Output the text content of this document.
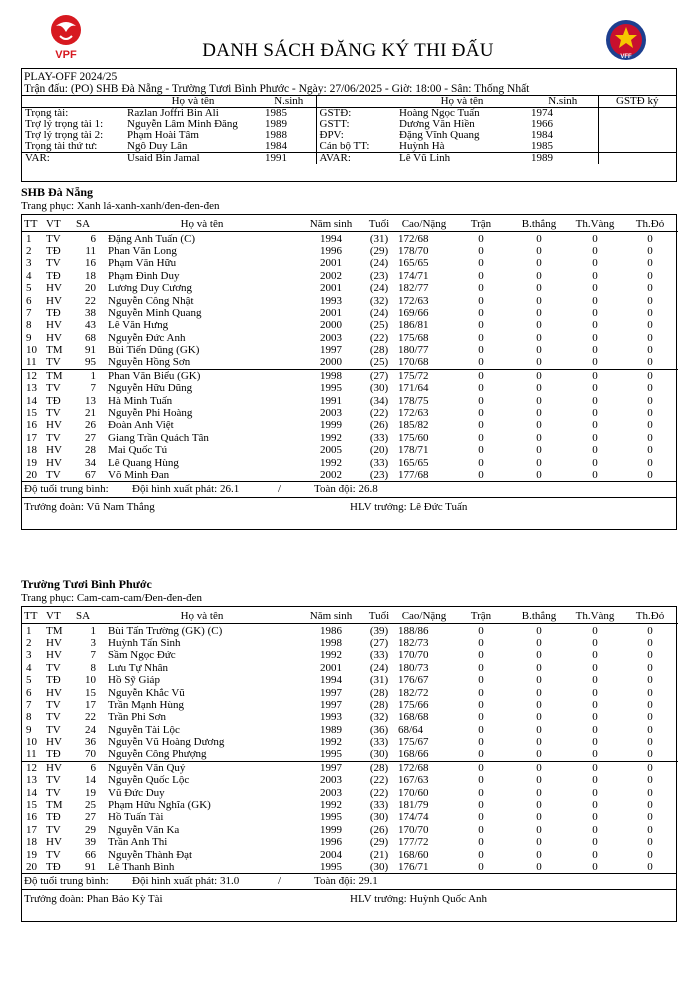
VPF	VFF
DANH SÁCH ĐĂNG KÝ THI ĐẤU
PLAY-OFF 2024/25
Trận đấu: (PO) SHB Đà Nẵng - Trường Tươi Bình Phước - Ngày: 27/06/2025 - Giờ: 18:00 - Sân: Thống Nhất
	Họ và tên	N.sinh		Họ và tên	N.sinh	GSTĐ ký
Trọng tài:	Razlan Joffri Bin Ali	1985	GSTĐ:	Hoàng Ngọc Tuấn	1974	
Trợ lý trọng tài 1:	Nguyễn Lâm Minh Đăng	1989	GSTT:	Dương Văn Hiền	1966	
Trợ lý trọng tài 2:	Phạm Hoài Tâm	1988	ĐPV:	Đặng Vĩnh Quang	1984	
Trọng tài thứ tư:	Ngô Duy Lân	1984	Cán bộ TT:	Huỳnh Hà	1985	
VAR:	Usaid Bin Jamal	1991	AVAR:	Lê Vũ Linh	1989	
SHB Đà Nẵng
Trang phục: Xanh lá-xanh-xanh/đen-đen-đen
TT	VT	SA	Họ và tên	Năm sinh	Tuổi	Cao/Nặng	Trận	B.thắng	Th.Vàng	Th.Đỏ
1	TV	6	Đặng Anh Tuấn (C)	1994	(31)	172/68	0	0	0	0
2	TĐ	11	Phan Văn Long	1996	(29)	178/70	0	0	0	0
3	TV	16	Phạm Văn Hữu	2001	(24)	165/65	0	0	0	0
4	TĐ	18	Phạm Đình Duy	2002	(23)	174/71	0	0	0	0
5	HV	20	Lương Duy Cương	2001	(24)	182/77	0	0	0	0
6	HV	22	Nguyễn Công Nhật	1993	(32)	172/63	0	0	0	0
7	TĐ	38	Nguyễn Minh Quang	2001	(24)	169/66	0	0	0	0
8	HV	43	Lê Văn Hưng	2000	(25)	186/81	0	0	0	0
9	HV	68	Nguyễn Đức Anh	2003	(22)	175/68	0	0	0	0
10	TM	91	Bùi Tiến Dũng (GK)	1997	(28)	180/77	0	0	0	0
11	TV	95	Nguyễn Hồng Sơn	2000	(25)	170/68	0	0	0	0
12	TM	1	Phan Văn Biểu (GK)	1998	(27)	175/72	0	0	0	0
13	TV	7	Nguyễn Hữu Dũng	1995	(30)	171/64	0	0	0	0
14	TĐ	13	Hà Minh Tuấn	1991	(34)	178/75	0	0	0	0
15	TV	21	Nguyễn Phi Hoàng	2003	(22)	172/63	0	0	0	0
16	HV	26	Đoàn Anh Việt	1999	(26)	185/82	0	0	0	0
17	TV	27	Giang Trần Quách Tân	1992	(33)	175/60	0	0	0	0
18	HV	28	Mai Quốc Tú	2005	(20)	178/71	0	0	0	0
19	HV	34	Lê Quang Hùng	1992	(33)	165/65	0	0	0	0
20	TV	67	Võ Minh Đan	2002	(23)	177/68	0	0	0	0
Độ tuổi trung bình: Đội hình xuất phát: 26.1	/	Toàn đội: 26.8
Trưởng đoàn: Vũ Nam Thắng	HLV trưởng: Lê Đức Tuấn
Trường Tươi Bình Phước
Trang phục: Cam-cam-cam/Đen-đen-đen
TT	VT	SA	Họ và tên	Năm sinh	Tuổi	Cao/Nặng	Trận	B.thắng	Th.Vàng	Th.Đỏ
1	TM	1	Bùi Tấn Trường (GK) (C)	1986	(39)	188/86	0	0	0	0
2	HV	3	Huỳnh Tấn Sinh	1998	(27)	182/73	0	0	0	0
3	HV	7	Sầm Ngọc Đức	1992	(33)	170/70	0	0	0	0
4	TV	8	Lưu Tự Nhân	2001	(24)	180/73	0	0	0	0
5	TĐ	10	Hồ Sỹ Giáp	1994	(31)	176/67	0	0	0	0
6	HV	15	Nguyễn Khắc Vũ	1997	(28)	182/72	0	0	0	0
7	TV	17	Trần Mạnh Hùng	1997	(28)	175/66	0	0	0	0
8	TV	22	Trần Phi Sơn	1993	(32)	168/68	0	0	0	0
9	TV	24	Nguyễn Tài Lộc	1989	(36)	68/64	0	0	0	0
10	HV	36	Nguyễn Vũ Hoàng Dương	1992	(33)	175/67	0	0	0	0
11	TĐ	70	Nguyễn Công Phượng	1995	(30)	168/66	0	0	0	0
12	HV	6	Nguyễn Văn Quý	1997	(28)	172/68	0	0	0	0
13	TV	14	Nguyễn Quốc Lộc	2003	(22)	167/63	0	0	0	0
14	TV	19	Vũ Đức Duy	2003	(22)	170/60	0	0	0	0
15	TM	25	Phạm Hữu Nghĩa (GK)	1992	(33)	181/79	0	0	0	0
16	TĐ	27	Hồ Tuấn Tài	1995	(30)	174/74	0	0	0	0
17	TV	29	Nguyễn Văn Ka	1999	(26)	170/70	0	0	0	0
18	HV	39	Trần Anh Thi	1996	(29)	177/72	0	0	0	0
19	TV	66	Nguyễn Thành Đạt	2004	(21)	168/60	0	0	0	0
20	TĐ	91	Lê Thanh Bình	1995	(30)	176/71	0	0	0	0
Độ tuổi trung bình: Đội hình xuất phát: 31.0	/	Toàn đội: 29.1
Trưởng đoàn: Phan Bảo Kỳ Tài	HLV trưởng: Huỳnh Quốc Anh
